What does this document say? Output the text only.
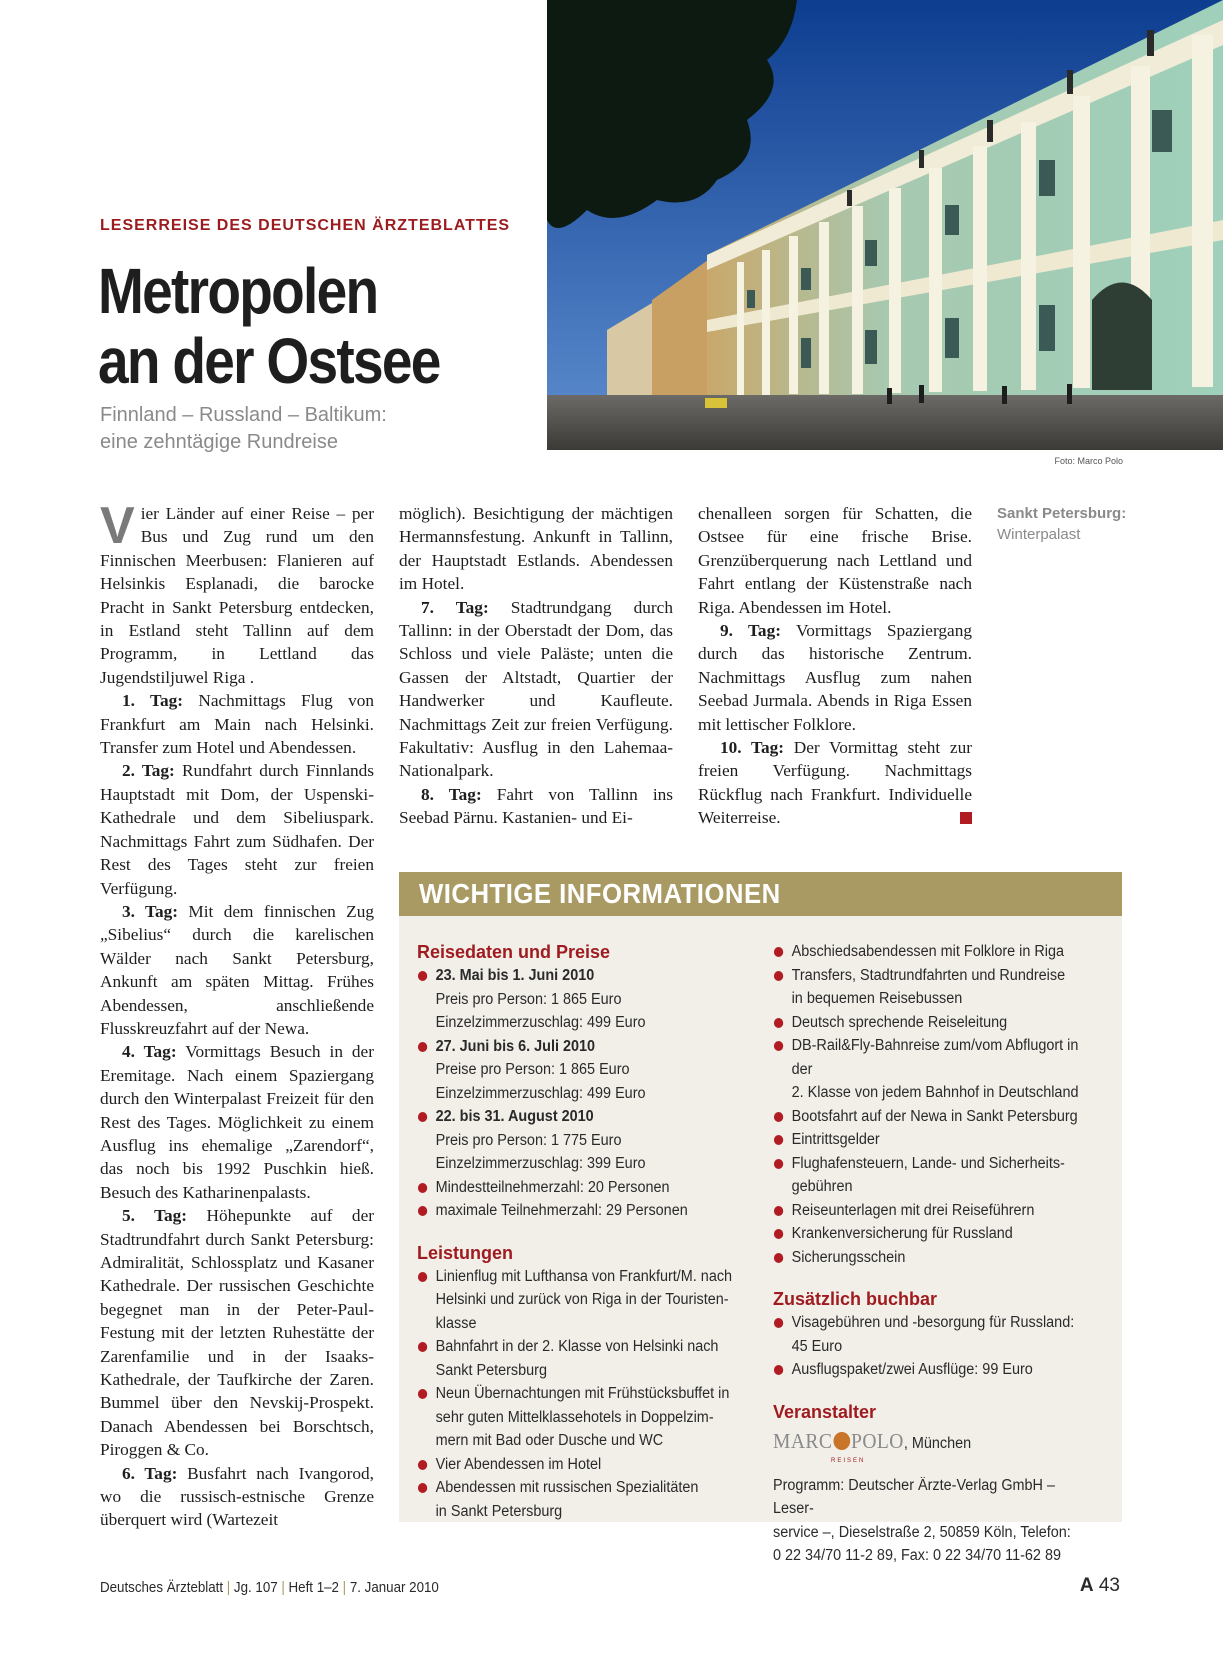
LESERREISE DES DEUTSCHEN ÄRZTEBLATTES
Metropolen
an der Ostsee
Finnland – Russland – Baltikum:
eine zehntägige Rundreise
Foto: Marco Polo
Sankt Petersburg:
Winterpalast

Vier Länder auf einer Reise – per Bus und Zug rund um den Finnischen Meerbusen: Flanieren auf Helsinkis Esplanadi, die barocke Pracht in Sankt Petersburg entdecken, in Estland steht Tallinn auf dem Programm, in Lettland das Jugendstiljuwel Riga .

1. Tag: Nachmittags Flug von Frankfurt am Main nach Helsinki. Transfer zum Hotel und Abendessen.

2. Tag: Rundfahrt durch Finnlands Hauptstadt mit Dom, der Uspenski-Kathedrale und dem Sibeliuspark. Nachmittags Fahrt zum Südhafen. Der Rest des Tages steht zur freien Verfügung.

3. Tag: Mit dem finnischen Zug „Sibelius“ durch die karelischen Wälder nach Sankt Petersburg, Ankunft am späten Mittag. Frühes Abendessen, anschließende Flusskreuzfahrt auf der Newa.

4. Tag: Vormittags Besuch in der Eremitage. Nach einem Spaziergang durch den Winterpalast Freizeit für den Rest des Tages. Möglichkeit zu einem Ausflug ins ehemalige „Zarendorf“, das noch bis 1992 Puschkin hieß. Besuch des Katharinenpalasts.

5. Tag: Höhepunkte auf der Stadtrundfahrt durch Sankt Petersburg: Admiralität, Schlossplatz und Kasaner Kathedrale. Der russischen Geschichte begegnet man in der Peter-Paul-Festung mit der letzten Ruhestätte der Zarenfamilie und in der Isaaks-Kathedrale, der Taufkirche der Zaren. Bummel über den Nevskij-Prospekt. Danach Abendessen bei Borschtsch, Piroggen & Co.

6. Tag: Busfahrt nach Ivangorod, wo die russisch-estnische Grenze überquert wird (Wartezeit

möglich). Besichtigung der mächtigen Hermannsfestung. Ankunft in Tallinn, der Hauptstadt Estlands. Abendessen im Hotel.

7. Tag: Stadtrundgang durch Tallinn: in der Oberstadt der Dom, das Schloss und viele Paläste; unten die Gassen der Altstadt, Quartier der Handwerker und Kaufleute. Nachmittags Zeit zur freien Verfügung. Fakultativ: Ausflug in den Lahemaa-Nationalpark.

8. Tag: Fahrt von Tallinn ins Seebad Pärnu. Kastanien- und Ei-

chenalleen sorgen für Schatten, die Ostsee für eine frische Brise. Grenzüberquerung nach Lettland und Fahrt entlang der Küstenstraße nach Riga. Abendessen im Hotel.

9. Tag: Vormittags Spaziergang durch das historische Zentrum. Nachmittags Ausflug zum nahen Seebad Jurmala. Abends in Riga Essen mit lettischer Folklore.

10. Tag: Der Vormittag steht zur freien Verfügung. Nachmittags Rückflug nach Frankfurt. Individuelle Weiterreise.

WICHTIGE INFORMATIONEN
Reisedaten und Preise
23. Mai bis 1. Juni 2010
Preis pro Person: 1 865 Euro
Einzelzimmerzuschlag: 499 Euro
27. Juni bis 6. Juli 2010
Preise pro Person: 1 865 Euro
Einzelzimmerzuschlag: 499 Euro
22. bis 31. August 2010
Preis pro Person: 1 775 Euro
Einzelzimmerzuschlag: 399 Euro
Mindestteilnehmerzahl: 20 Personen
maximale Teilnehmerzahl: 29 Personen
Leistungen
Linienflug mit Lufthansa von Frankfurt/M. nach
Helsinki und zurück von Riga in der Touristen-
klasse
Bahnfahrt in der 2. Klasse von Helsinki nach
Sankt Petersburg
Neun Übernachtungen mit Frühstücksbuffet in
sehr guten Mittelklassehotels in Doppelzim-
mern mit Bad oder Dusche und WC
Vier Abendessen im Hotel
Abendessen mit russischen Spezialitäten
in Sankt Petersburg
Abschiedsabendessen mit Folklore in Riga
Transfers, Stadtrundfahrten und Rundreise
in bequemen Reisebussen
Deutsch sprechende Reiseleitung
DB-Rail&Fly-Bahnreise zum/vom Abflugort in der
2. Klasse von jedem Bahnhof in Deutschland
Bootsfahrt auf der Newa in Sankt Petersburg
Eintrittsgelder
Flughafensteuern, Lande- und Sicherheits-
gebühren
Reiseunterlagen mit drei Reiseführern
Krankenversicherung für Russland
Sicherungsschein
Zusätzlich buchbar
Visagebühren und -besorgung für Russland:
45 Euro
Ausflugspaket/zwei Ausflüge: 99 Euro
Veranstalter
MARC POLO, München
REISEN
Programm: Deutscher Ärzte-Verlag GmbH – Leser-
service –, Dieselstraße 2, 50859 Köln, Telefon:
0 22 34/70 11-2 89, Fax: 0 22 34/70 11-62 89
Deutsches Ärzteblatt | Jg. 107 | Heft 1–2 | 7. Januar 2010	A 43
